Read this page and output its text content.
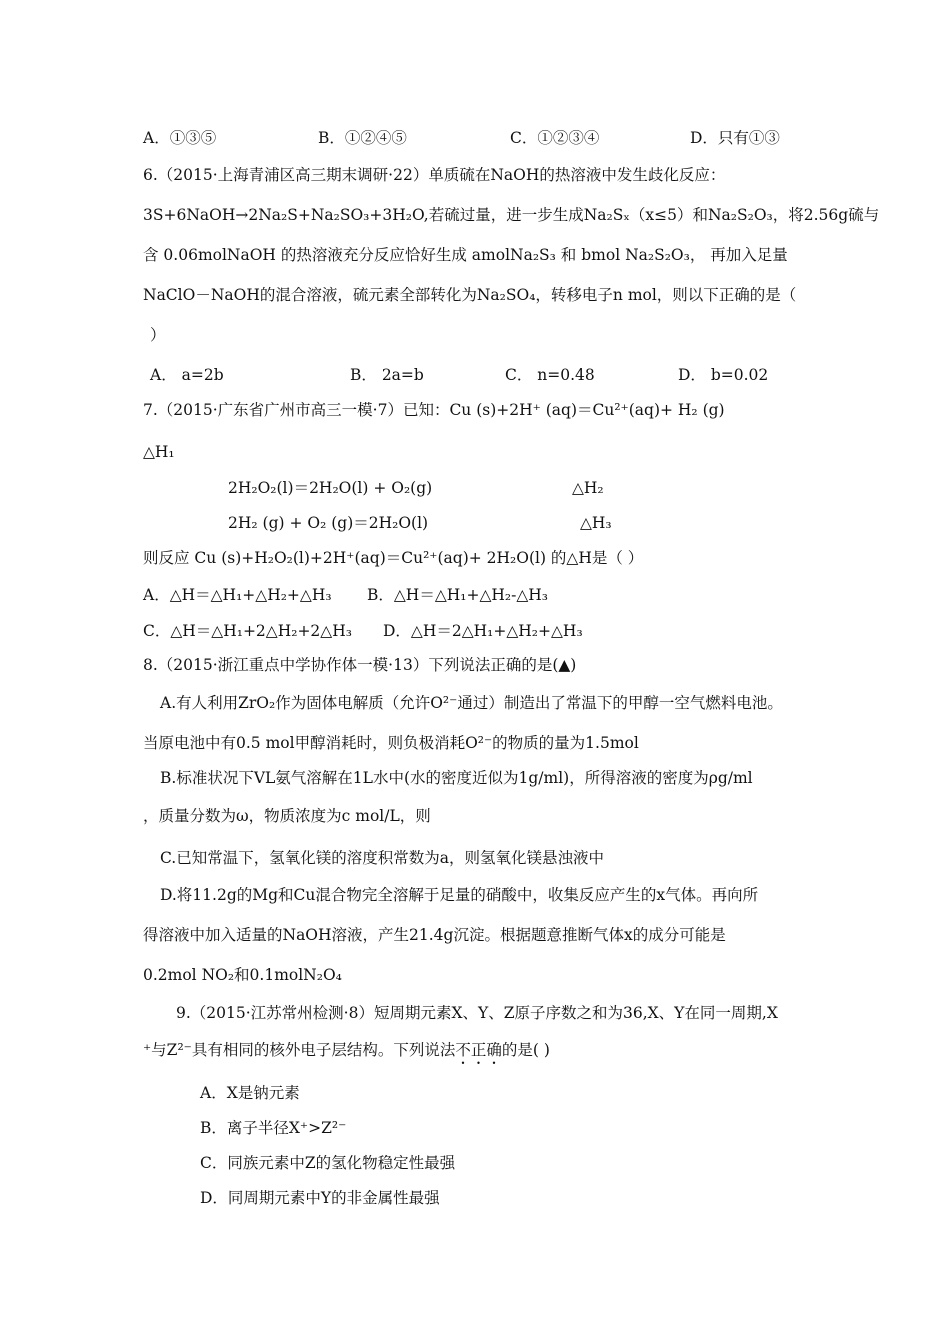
A．①③⑤	B．①②④⑤	C．①②③④	D．只有①③
6.（2015·上海青浦区高三期末调研·22）单质硫在NaOH的热溶液中发生歧化反应：
3S+6NaOH→2Na₂S+Na₂SO₃+3H₂O,若硫过量，进一步生成Na₂Sₓ（x≤5）和Na₂S₂O₃，将2.56g硫与
含 0.06molNaOH 的热溶液充分反应恰好生成 amolNa₂S₃ 和 bmol Na₂S₂O₃， 再加入足量
NaClO－NaOH的混合溶液，硫元素全部转化为Na₂SO₄，转移电子n mol，则以下正确的是（
）
A． a=2b	B． 2a=b	C． n=0.48	D． b=0.02
7.（2015·广东省广州市高三一模·7）已知：Cu (s)+2H⁺ (aq)＝Cu²⁺(aq)+ H₂ (g)
△H₁
2H₂O₂(l)＝2H₂O(l) + O₂(g)	△H₂
2H₂ (g) + O₂ (g)＝2H₂O(l)	△H₃
则反应 Cu (s)+H₂O₂(l)+2H⁺(aq)＝Cu²⁺(aq)+ 2H₂O(l) 的△H是（ ）
A．△H＝△H₁+△H₂+△H₃ B．△H＝△H₁+△H₂-△H₃
C．△H＝△H₁+2△H₂+2△H₃ D．△H＝2△H₁+△H₂+△H₃
8.（2015·浙江重点中学协作体一模·13）下列说法正确的是(▲)
A.有人利用ZrO₂作为固体电解质（允许O²⁻通过）制造出了常温下的甲醇一空气燃料电池。
当原电池中有0.5 mol甲醇消耗时，则负极消耗O²⁻的物质的量为1.5mol
B.标准状况下VL氨气溶解在1L水中(水的密度近似为1g/ml)，所得溶液的密度为ρg/ml
，质量分数为ω，物质浓度为c mol/L，则
C.已知常温下，氢氧化镁的溶度积常数为a，则氢氧化镁悬浊液中
D.将11.2g的Mg和Cu混合物完全溶解于足量的硝酸中，收集反应产生的x气体。再向所
得溶液中加入适量的NaOH溶液，产生21.4g沉淀。根据题意推断气体x的成分可能是
0.2mol NO₂和0.1molN₂O₄
9.（2015·江苏常州检测·8）短周期元素X、Y、Z原子序数之和为36,X、Y在同一周期,X
⁺与Z²⁻具有相同的核外电子层结构。下列说法不正确的是( )
A．X是钠元素
B．离子半径X⁺>Z²⁻
C．同族元素中Z的氢化物稳定性最强
D．同周期元素中Y的非金属性最强
